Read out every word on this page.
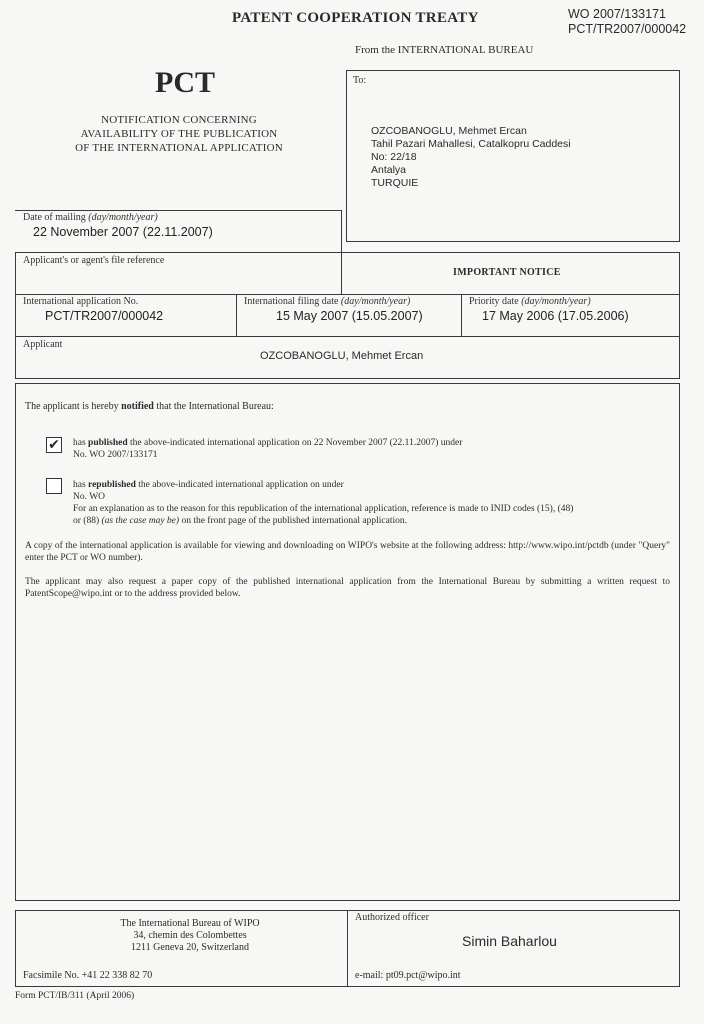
PATENT COOPERATION TREATY	WO 2007/133171
PCT/TR2007/000042
From the INTERNATIONAL BUREAU
PCT
NOTIFICATION CONCERNING
AVAILABILITY OF THE PUBLICATION
OF THE INTERNATIONAL APPLICATION
To:
OZCOBANOGLU, Mehmet Ercan
Tahil Pazari Mahallesi, Catalkopru Caddesi
No: 22/18
Antalya
TURQUIE
Date of mailing (day/month/year)
22 November 2007 (22.11.2007)
Applicant's or agent's file reference
IMPORTANT NOTICE
International application No.
PCT/TR2007/000042
International filing date (day/month/year)
15 May 2007 (15.05.2007)
Priority date (day/month/year)
17 May 2006 (17.05.2006)
Applicant
OZCOBANOGLU, Mehmet Ercan
The applicant is hereby notified that the International Bureau:
✔ has published the above-indicated international application on 22 November 2007 (22.11.2007) under
No. WO 2007/133171
has republished the above-indicated international application on under
No. WO
For an explanation as to the reason for this republication of the international application, reference is made to INID codes (15), (48)
or (88) (as the case may be) on the front page of the published international application.
A copy of the international application is available for viewing and downloading on WIPO's website at the following address: http://www.wipo.int/pctdb (under "Query" enter the PCT or WO number).
The applicant may also request a paper copy of the published international application from the International Bureau by submitting a written request to PatentScope@wipo.int or to the address provided below.
The International Bureau of WIPO
34, chemin des Colombettes
1211 Geneva 20, Switzerland
Facsimile No. +41 22 338 82 70
Authorized officer
Simin Baharlou
e-mail: pt09.pct@wipo.int
Form PCT/IB/311 (April 2006)
